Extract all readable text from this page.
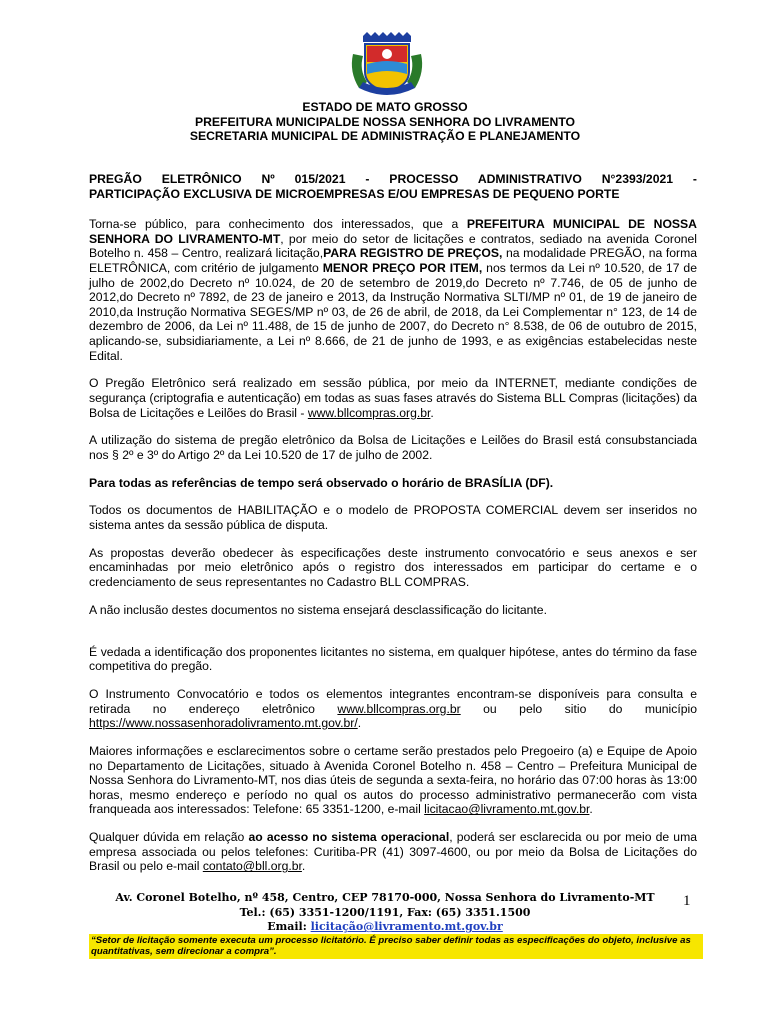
ESTADO DE MATO GROSSO
PREFEITURA MUNICIPALDE NOSSA SENHORA DO LIVRAMENTO
SECRETARIA MUNICIPAL DE ADMINISTRAÇÃO E PLANEJAMENTO

PREGÃO ELETRÔNICO Nº 015/2021 - PROCESSO ADMINISTRATIVO N°2393/2021 -

PARTICIPAÇÃO EXCLUSIVA DE MICROEMPRESAS E/OU EMPRESAS DE PEQUENO PORTE

Torna-se público, para conhecimento dos interessados, que a PREFEITURA MUNICIPAL DE NOSSA SENHORA DO LIVRAMENTO-MT, por meio do setor de licitações e contratos, sediado na avenida Coronel Botelho n. 458 – Centro, realizará licitação,PARA REGISTRO DE PREÇOS, na modalidade PREGÃO, na forma ELETRÔNICA, com critério de julgamento MENOR PREÇO POR ITEM, nos termos da Lei nº 10.520, de 17 de julho de 2002,do Decreto nº 10.024, de 20 de setembro de 2019,do Decreto nº 7.746, de 05 de junho de 2012,do Decreto nº 7892, de 23 de janeiro e 2013, da Instrução Normativa SLTI/MP nº 01, de 19 de janeiro de 2010,da Instrução Normativa SEGES/MP nº 03, de 26 de abril, de 2018, da Lei Complementar n° 123, de 14 de dezembro de 2006, da Lei nº 11.488, de 15 de junho de 2007, do Decreto n° 8.538, de 06 de outubro de 2015, aplicando-se, subsidiariamente, a Lei nº 8.666, de 21 de junho de 1993, e as exigências estabelecidas neste Edital.

O Pregão Eletrônico será realizado em sessão pública, por meio da INTERNET, mediante condições de segurança (criptografia e autenticação) em todas as suas fases através do Sistema BLL Compras (licitações) da Bolsa de Licitações e Leilões do Brasil - www.bllcompras.org.br.

A utilização do sistema de pregão eletrônico da Bolsa de Licitações e Leilões do Brasil está consubstanciada nos § 2º e 3º do Artigo 2º da Lei 10.520 de 17 de julho de 2002.

Para todas as referências de tempo será observado o horário de BRASÍLIA (DF).

Todos os documentos de HABILITAÇÃO e o modelo de PROPOSTA COMERCIAL devem ser inseridos no sistema antes da sessão pública de disputa.

As propostas deverão obedecer às especificações deste instrumento convocatório e seus anexos e ser encaminhadas por meio eletrônico após o registro dos interessados em participar do certame e o credenciamento de seus representantes no Cadastro BLL COMPRAS.

A não inclusão destes documentos no sistema ensejará desclassificação do licitante.

É vedada a identificação dos proponentes licitantes no sistema, em qualquer hipótese, antes do término da fase competitiva do pregão.

O Instrumento Convocatório e todos os elementos integrantes encontram-se disponíveis para consulta e retirada no endereço eletrônico www.bllcompras.org.br ou pelo sitio do município https://www.nossasenhoradolivramento.mt.gov.br/.

Maiores informações e esclarecimentos sobre o certame serão prestados pelo Pregoeiro (a) e Equipe de Apoio no Departamento de Licitações, situado à Avenida Coronel Botelho n. 458 – Centro – Prefeitura Municipal de Nossa Senhora do Livramento-MT, nos dias úteis de segunda a sexta-feira, no horário das 07:00 horas às 13:00 horas, mesmo endereço e período no qual os autos do processo administrativo permanecerão com vista franqueada aos interessados: Telefone: 65 3351-1200, e-mail licitacao@livramento.mt.gov.br.

Qualquer dúvida em relação ao acesso no sistema operacional, poderá ser esclarecida ou por meio de uma empresa associada ou pelos telefones: Curitiba-PR (41) 3097-4600, ou por meio da Bolsa de Licitações do Brasil ou pelo e-mail contato@bll.org.br.

Av. Coronel Botelho, nº 458, Centro, CEP 78170-000, Nossa Senhora do Livramento-MT
Tel.: (65) 3351-1200/1191, Fax: (65) 3351.1500
Email: licitação@livramento.mt.gov.br
1
“Setor de licitação somente executa um processo licitatório. É preciso saber definir todas as especificações do objeto, inclusive as quantitativas, sem direcionar a compra”.
